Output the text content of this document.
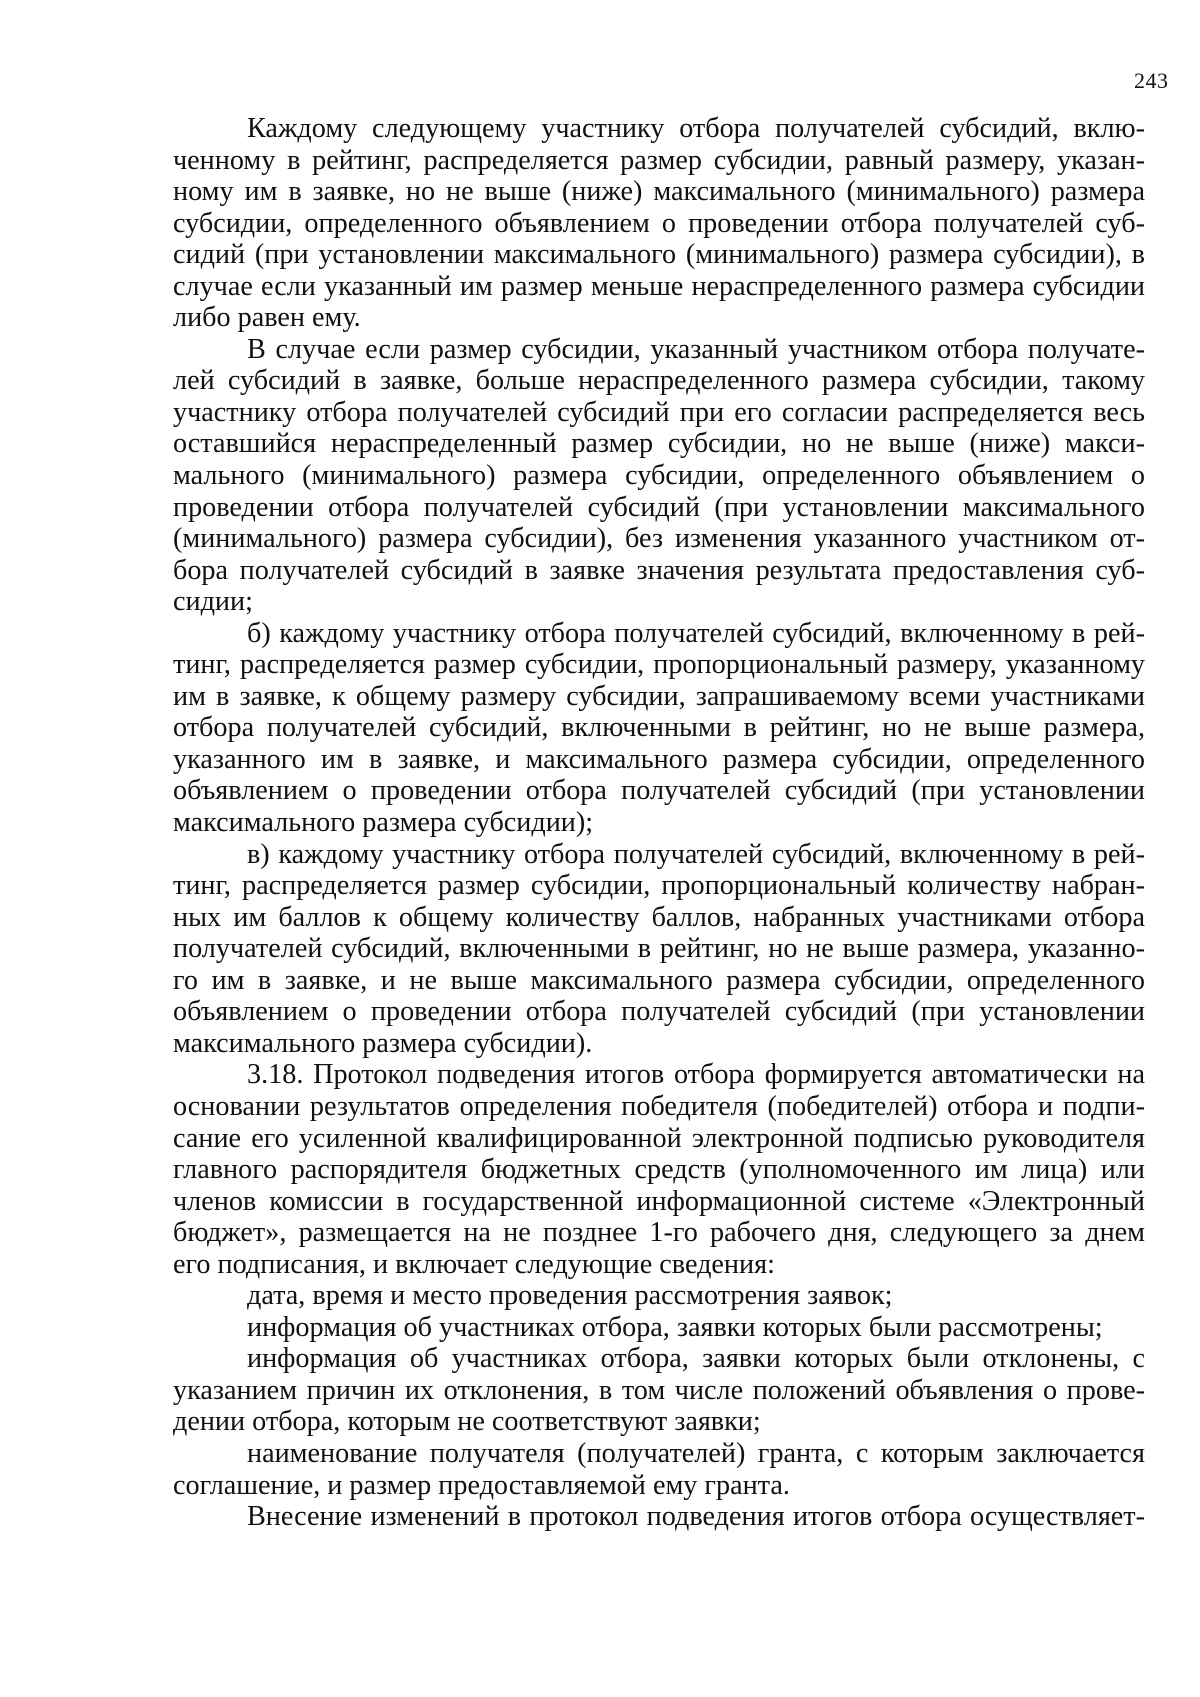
243
Каждому следующему участнику отбора получателей субсидий, вклю-
ченному в рейтинг, распределяется размер субсидии, равный размеру, указан-
ному им в заявке, но не выше (ниже) максимального (минимального) размера
субсидии, определенного объявлением о проведении отбора получателей суб-
сидий (при установлении максимального (минимального) размера субсидии), в
случае если указанный им размер меньше нераспределенного размера субсидии
либо равен ему.
В случае если размер субсидии, указанный участником отбора получате-
лей субсидий в заявке, больше нераспределенного размера субсидии, такому
участнику отбора получателей субсидий при его согласии распределяется весь
оставшийся нераспределенный размер субсидии, но не выше (ниже) макси-
мального (минимального) размера субсидии, определенного объявлением о
проведении отбора получателей субсидий (при установлении максимального
(минимального) размера субсидии), без изменения указанного участником от-
бора получателей субсидий в заявке значения результата предоставления суб-
сидии;
б) каждому участнику отбора получателей субсидий, включенному в рей-
тинг, распределяется размер субсидии, пропорциональный размеру, указанному
им в заявке, к общему размеру субсидии, запрашиваемому всеми участниками
отбора получателей субсидий, включенными в рейтинг, но не выше размера,
указанного им в заявке, и максимального размера субсидии, определенного
объявлением о проведении отбора получателей субсидий (при установлении
максимального размера субсидии);
в) каждому участнику отбора получателей субсидий, включенному в рей-
тинг, распределяется размер субсидии, пропорциональный количеству набран-
ных им баллов к общему количеству баллов, набранных участниками отбора
получателей субсидий, включенными в рейтинг, но не выше размера, указанно-
го им в заявке, и не выше максимального размера субсидии, определенного
объявлением о проведении отбора получателей субсидий (при установлении
максимального размера субсидии).
3.18. Протокол подведения итогов отбора формируется автоматически на
основании результатов определения победителя (победителей) отбора и подпи-
сание его усиленной квалифицированной электронной подписью руководителя
главного распорядителя бюджетных средств (уполномоченного им лица) или
членов комиссии в государственной информационной системе «Электронный
бюджет», размещается на не позднее 1-го рабочего дня, следующего за днем
его подписания, и включает следующие сведения:
дата, время и место проведения рассмотрения заявок;
информация об участниках отбора, заявки которых были рассмотрены;
информация об участниках отбора, заявки которых были отклонены, с
указанием причин их отклонения, в том числе положений объявления о прове-
дении отбора, которым не соответствуют заявки;
наименование получателя (получателей) гранта, с которым заключается
соглашение, и размер предоставляемой ему гранта.
Внесение изменений в протокол подведения итогов отбора осуществляет-
